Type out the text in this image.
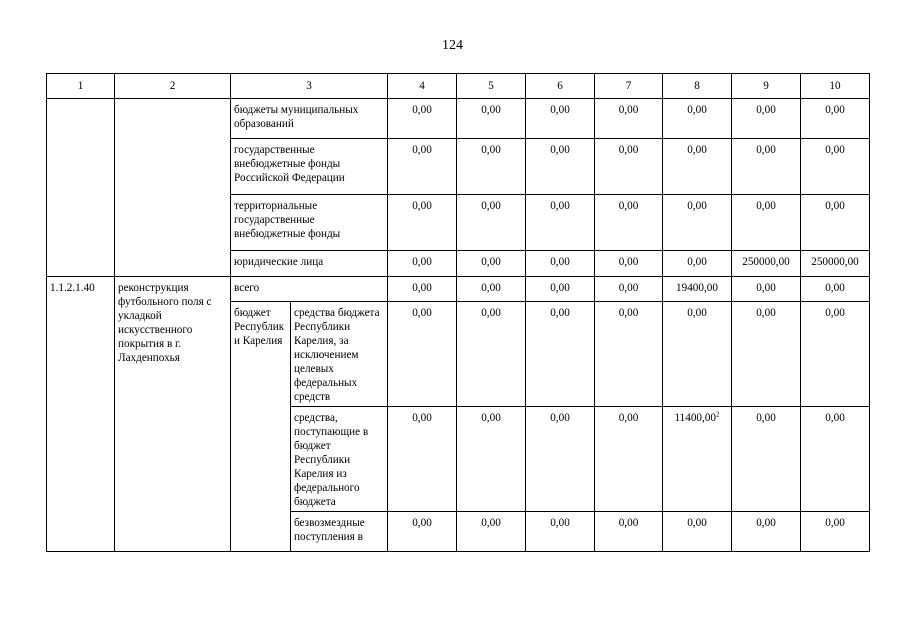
124
1	2	3		4	5	6	7	8	9	10
		бюджеты муниципальных образований		0,00	0,00	0,00	0,00	0,00	0,00	0,00
		государственные внебюджетные фонды Российской Федерации		0,00	0,00	0,00	0,00	0,00	0,00	0,00
		территориальные государственные внебюджетные фонды		0,00	0,00	0,00	0,00	0,00	0,00	0,00
		юридические лица		0,00	0,00	0,00	0,00	0,00	250000,00	250000,00
1.1.2.1.40	реконструкция футбольного поля с укладкой искусственного покрытия в г. Лахденпохья	всего		0,00	0,00	0,00	0,00	19400,00	0,00	0,00
		бюджет Республики Карелия	средства бюджета Республики Карелия, за исключением целевых федеральных средств	0,00	0,00	0,00	0,00	0,00	0,00	0,00
			средства, поступающие в бюджет Республики Карелия из федерального бюджета	0,00	0,00	0,00	0,00	11400,00$^2$	0,00	0,00
			безвозмездные поступления в	0,00	0,00	0,00	0,00	0,00	0,00	0,00
